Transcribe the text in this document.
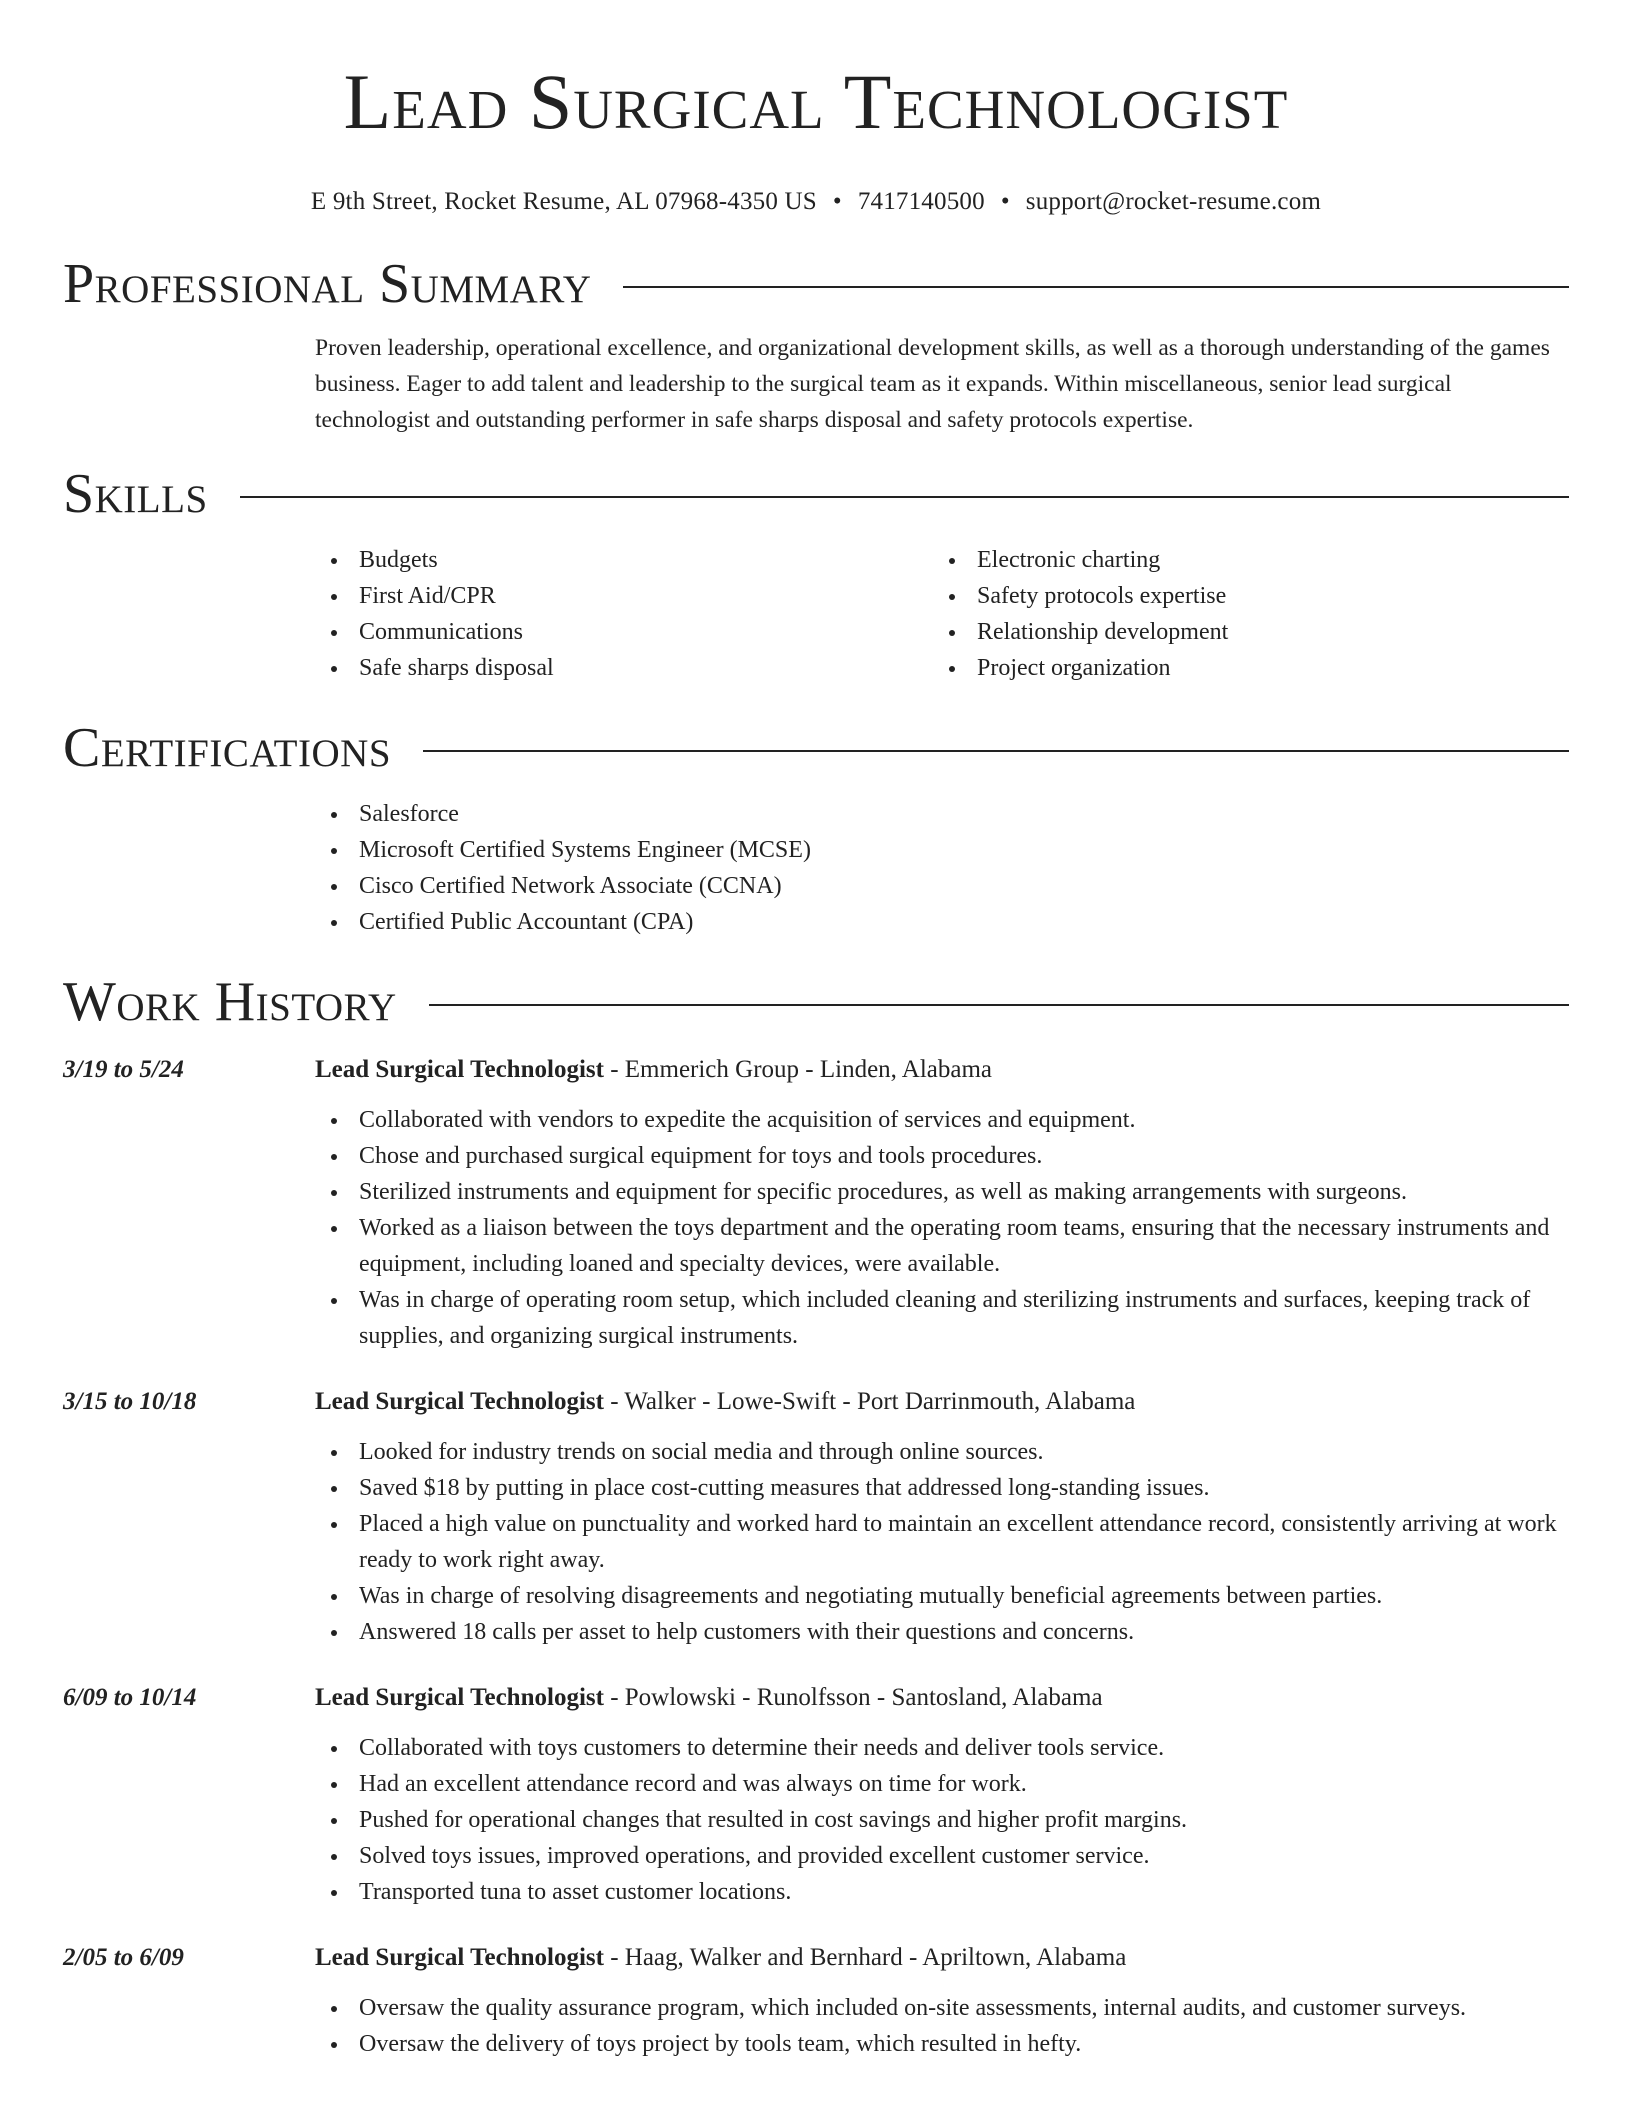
Lead Surgical Technologist
E 9th Street, Rocket Resume, AL 07968-4350 US • 7417140500 • support@rocket-resume.com
Professional Summary
Proven leadership, operational excellence, and organizational development skills, as well as a thorough understanding of the games business. Eager to add talent and leadership to the surgical team as it expands. Within miscellaneous, senior lead surgical technologist and outstanding performer in safe sharps disposal and safety protocols expertise.
Skills
Budgets
First Aid/CPR
Communications
Safe sharps disposal
Electronic charting
Safety protocols expertise
Relationship development
Project organization
Certifications
Salesforce
Microsoft Certified Systems Engineer (MCSE)
Cisco Certified Network Associate (CCNA)
Certified Public Accountant (CPA)
Work History
3/19 to 5/24	Lead Surgical Technologist - Emmerich Group - Linden, Alabama
Collaborated with vendors to expedite the acquisition of services and equipment.
Chose and purchased surgical equipment for toys and tools procedures.
Sterilized instruments and equipment for specific procedures, as well as making arrangements with surgeons.
Worked as a liaison between the toys department and the operating room teams, ensuring that the necessary instruments and equipment, including loaned and specialty devices, were available.
Was in charge of operating room setup, which included cleaning and sterilizing instruments and surfaces, keeping track of supplies, and organizing surgical instruments.
3/15 to 10/18	Lead Surgical Technologist - Walker - Lowe-Swift - Port Darrinmouth, Alabama
Looked for industry trends on social media and through online sources.
Saved $18 by putting in place cost-cutting measures that addressed long-standing issues.
Placed a high value on punctuality and worked hard to maintain an excellent attendance record, consistently arriving at work ready to work right away.
Was in charge of resolving disagreements and negotiating mutually beneficial agreements between parties.
Answered 18 calls per asset to help customers with their questions and concerns.
6/09 to 10/14	Lead Surgical Technologist - Powlowski - Runolfsson - Santosland, Alabama
Collaborated with toys customers to determine their needs and deliver tools service.
Had an excellent attendance record and was always on time for work.
Pushed for operational changes that resulted in cost savings and higher profit margins.
Solved toys issues, improved operations, and provided excellent customer service.
Transported tuna to asset customer locations.
2/05 to 6/09	Lead Surgical Technologist - Haag, Walker and Bernhard - Apriltown, Alabama
Oversaw the quality assurance program, which included on-site assessments, internal audits, and customer surveys.
Oversaw the delivery of toys project by tools team, which resulted in hefty.
